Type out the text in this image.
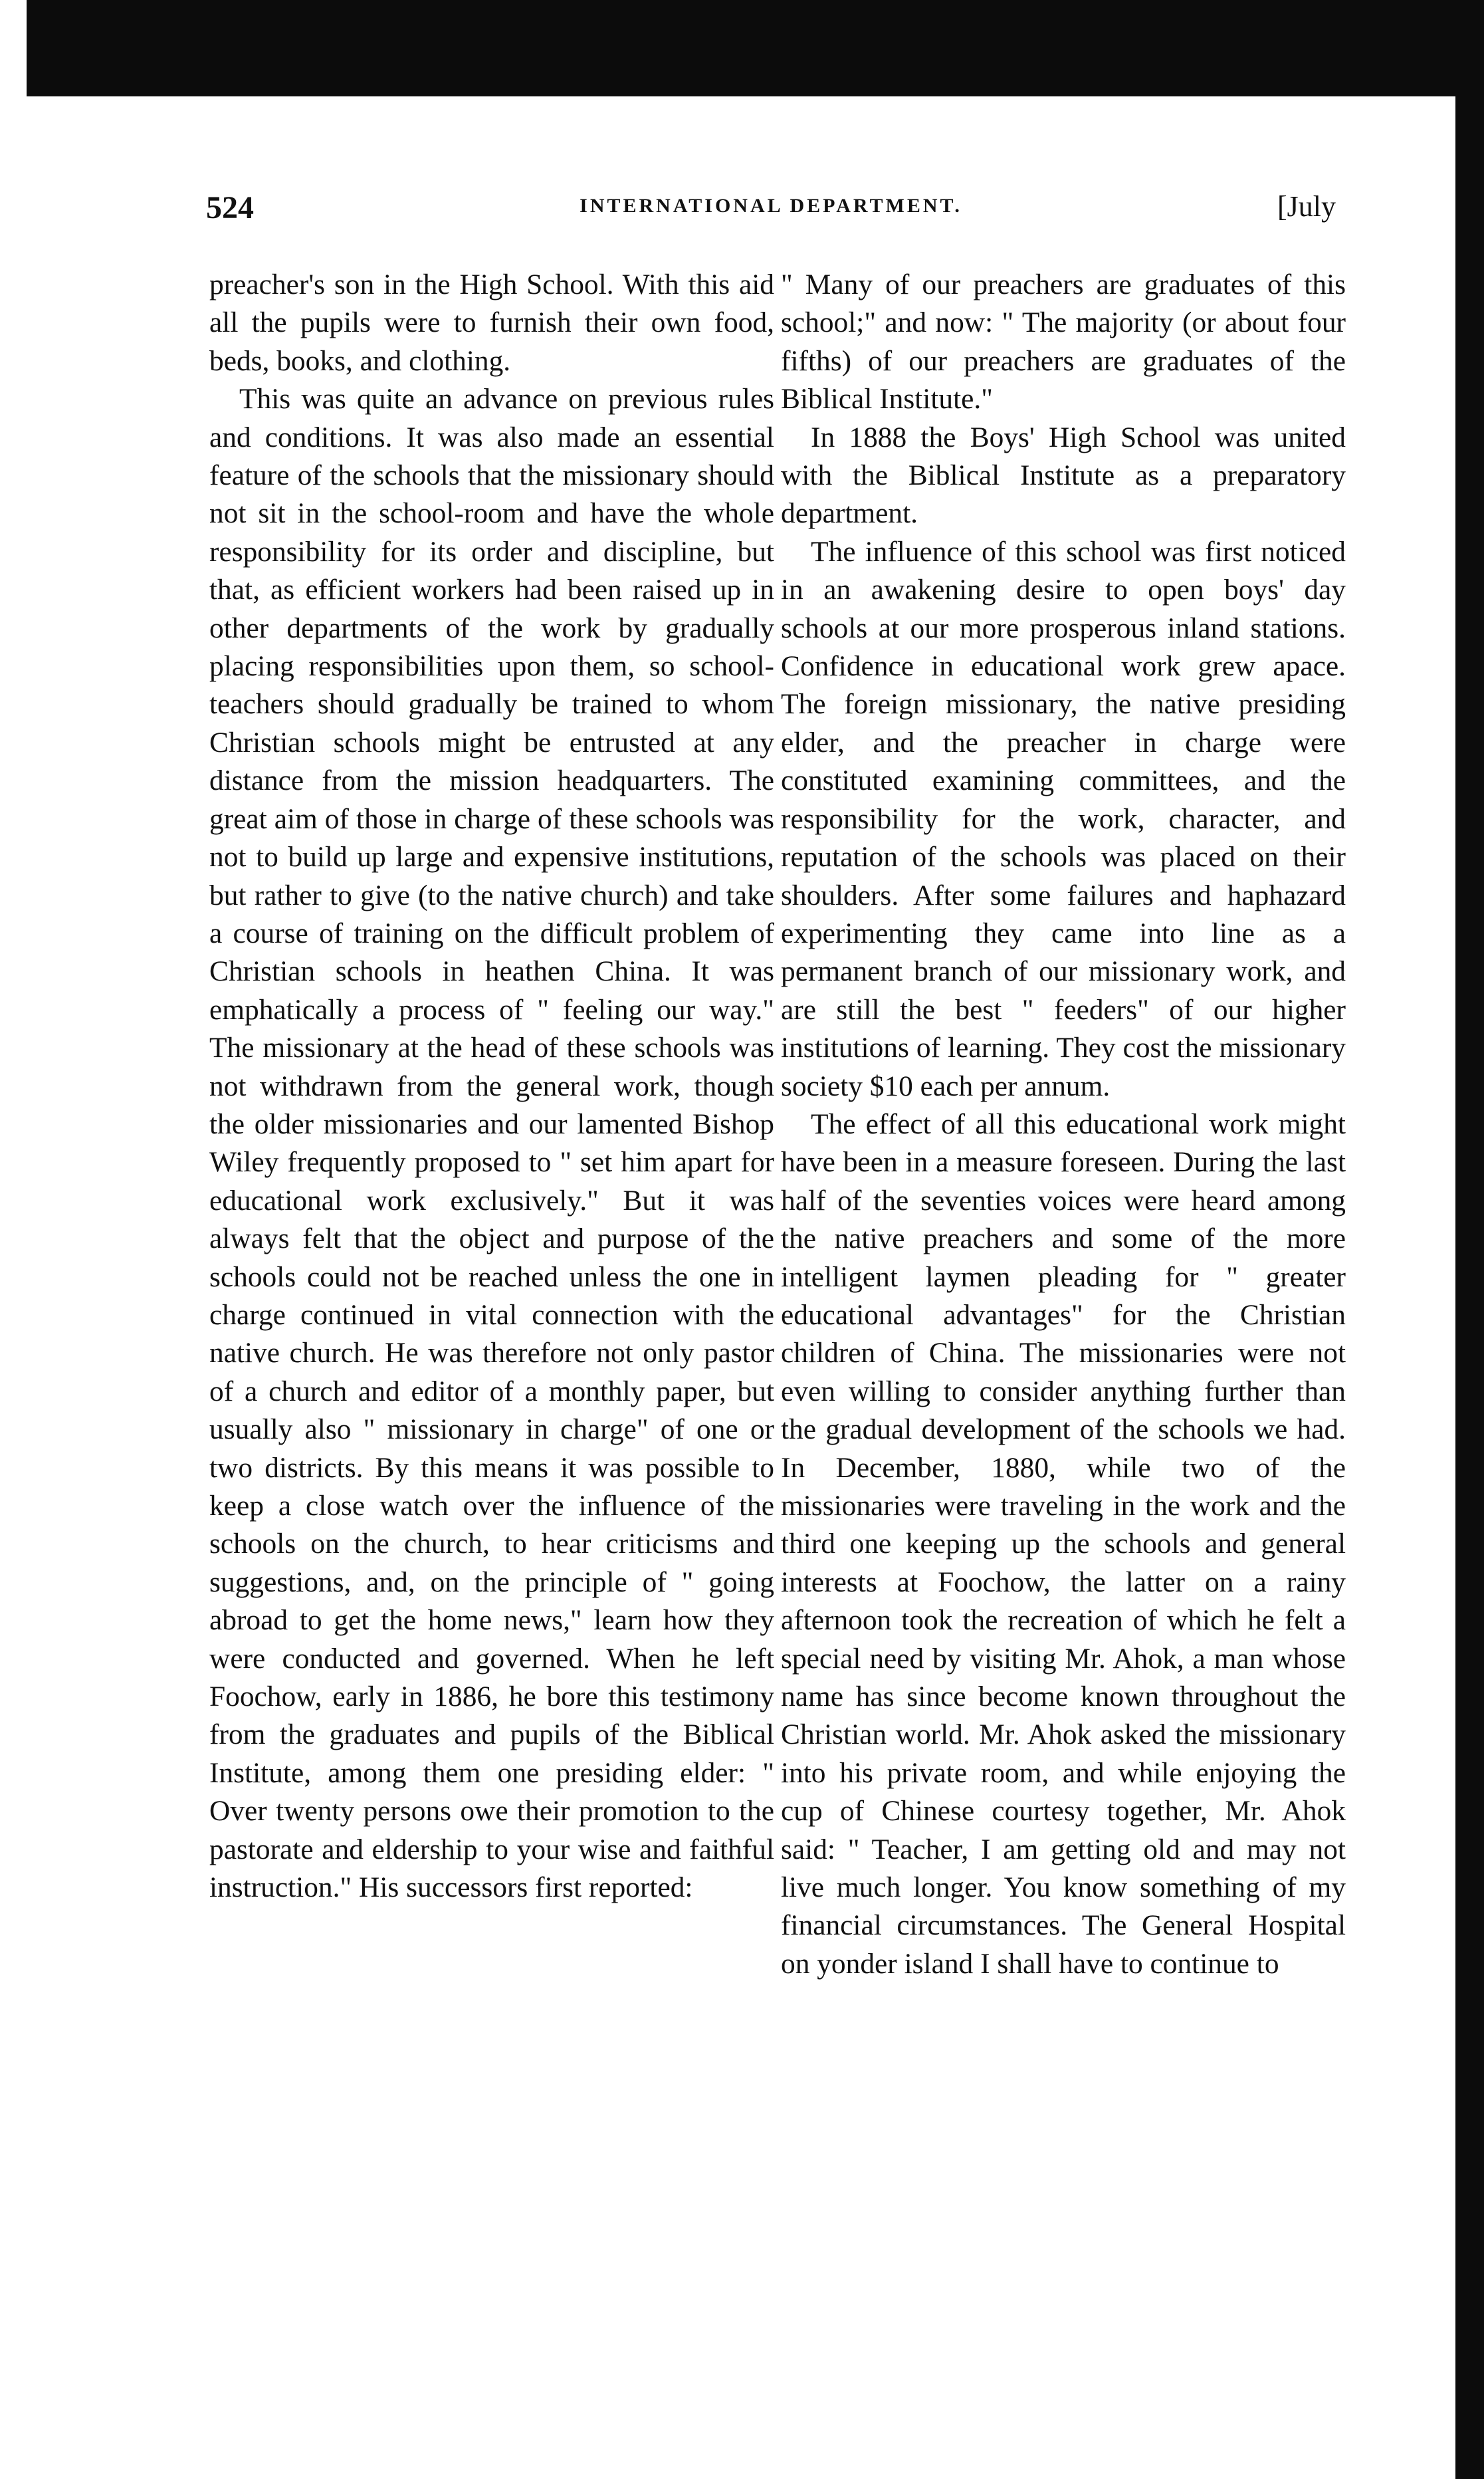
524	INTERNATIONAL DEPARTMENT.	[July

preacher's son in the High School. With this aid all the pupils were to furnish their own food, beds, books, and clothing.

This was quite an advance on previous rules and conditions. It was also made an essential feature of the schools that the missionary should not sit in the school-room and have the whole responsibility for its order and discipline, but that, as efficient workers had been raised up in other departments of the work by gradually placing responsibilities upon them, so school-teachers should gradually be trained to whom Christian schools might be entrusted at any distance from the mission headquarters. The great aim of those in charge of these schools was not to build up large and expensive institutions, but rather to give (to the native church) and take a course of training on the difficult problem of Christian schools in heathen China. It was emphatically a process of " feeling our way." The missionary at the head of these schools was not withdrawn from the general work, though the older missionaries and our lamented Bishop Wiley frequently proposed to " set him apart for educational work exclusively." But it was always felt that the object and purpose of the schools could not be reached unless the one in charge continued in vital connection with the native church. He was therefore not only pastor of a church and editor of a monthly paper, but usually also " missionary in charge" of one or two districts. By this means it was possible to keep a close watch over the influence of the schools on the church, to hear criticisms and suggestions, and, on the principle of " going abroad to get the home news," learn how they were conducted and governed. When he left Foochow, early in 1886, he bore this testimony from the graduates and pupils of the Biblical Institute, among them one presiding elder: " Over twenty persons owe their promotion to the pastorate and eldership to your wise and faithful instruction." His successors first reported:

" Many of our preachers are graduates of this school;" and now: " The majority (or about four fifths) of our preachers are graduates of the Biblical Institute."

In 1888 the Boys' High School was united with the Biblical Institute as a preparatory department.

The influence of this school was first noticed in an awakening desire to open boys' day schools at our more prosperous inland stations. Confidence in educational work grew apace. The foreign missionary, the native presiding elder, and the preacher in charge were constituted examining committees, and the responsibility for the work, character, and reputation of the schools was placed on their shoulders. After some failures and haphazard experimenting they came into line as a permanent branch of our missionary work, and are still the best " feeders" of our higher institutions of learning. They cost the missionary society $10 each per annum.

The effect of all this educational work might have been in a measure foreseen. During the last half of the seventies voices were heard among the native preachers and some of the more intelligent laymen pleading for " greater educational advantages" for the Christian children of China. The missionaries were not even willing to consider anything further than the gradual development of the schools we had. In December, 1880, while two of the missionaries were traveling in the work and the third one keeping up the schools and general interests at Foochow, the latter on a rainy afternoon took the recreation of which he felt a special need by visiting Mr. Ahok, a man whose name has since become known throughout the Christian world. Mr. Ahok asked the missionary into his private room, and while enjoying the cup of Chinese courtesy together, Mr. Ahok said: " Teacher, I am getting old and may not live much longer. You know something of my financial circumstances. The General Hospital on yonder island I shall have to continue to
